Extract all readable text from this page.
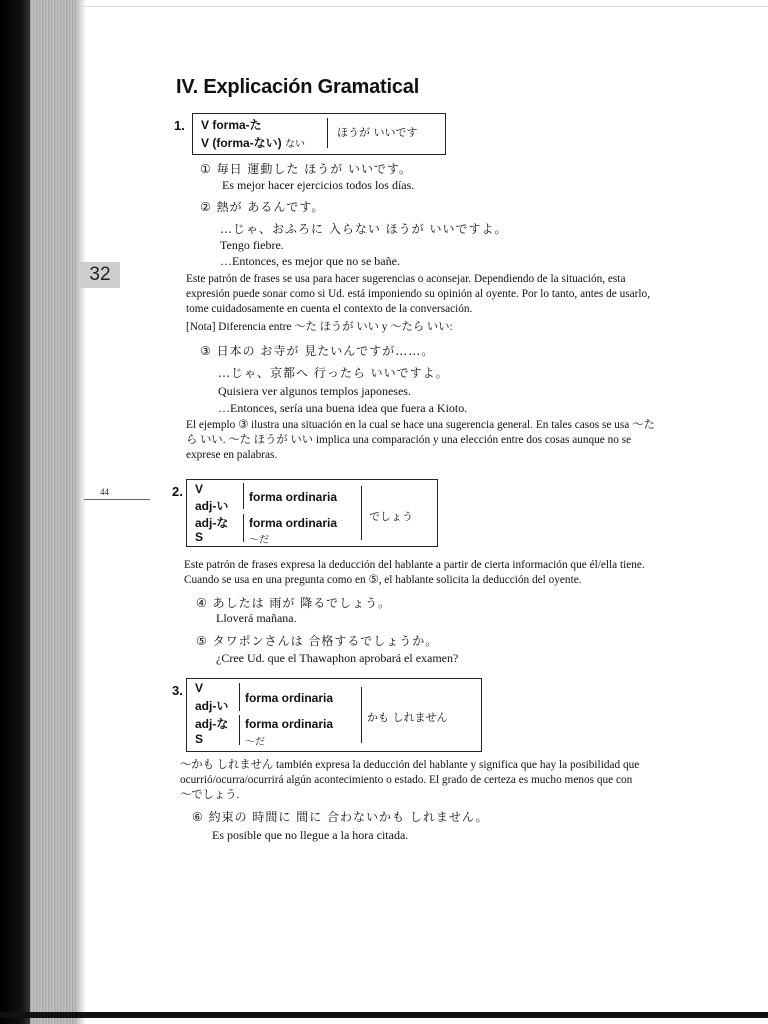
32
44
IV. Explicación Gramatical
1. V forma-た
V (forma-ない) ない
ほうが いいです
① 毎日 運動した ほうが いいです。
Es mejor hacer ejercicios todos los días.
② 熱が あるんです。
…じゃ、おふろに 入らない ほうが いいですよ。
Tengo fiebre.
…Entonces, es mejor que no se bañe.
Este patrón de frases se usa para hacer sugerencias o aconsejar. Dependiendo de la situación, esta
expresión puede sonar como si Ud. está imponiendo su opinión al oyente. Por lo tanto, antes de usarlo,
tome cuidadosamente en cuenta el contexto de la conversación.
[Nota] Diferencia entre ～た ほうが いい y ～たら いい:
③ 日本の お寺が 見たいんですが……。
…じゃ、京都へ 行ったら いいですよ。
Quisiera ver algunos templos japoneses.
…Entonces, sería una buena idea que fuera a Kioto.
El ejemplo ③ ilustra una situación en la cual se hace una sugerencia general. En tales casos se usa ～た
ら いい. ～た ほうが いい implica una comparación y una elección entre dos cosas aunque no se
exprese en palabras.
2. V
adj-い
adj-な
S
forma ordinaria
forma ordinaria
～だ
でしょう
Este patrón de frases expresa la deducción del hablante a partir de cierta información que él/ella tiene.
Cuando se usa en una pregunta como en ⑤, el hablante solicita la deducción del oyente.
④ あしたは 雨が 降るでしょう。
Lloverá mañana.
⑤ タワポンさんは 合格するでしょうか。
¿Cree Ud. que el Thawaphon aprobará el examen?
3. V
adj-い
adj-な
S
forma ordinaria
forma ordinaria
～だ
かも しれません
～かも しれません también expresa la deducción del hablante y significa que hay la posibilidad que
ocurrió/ocurra/ocurrirá algún acontecimiento o estado. El grado de certeza es mucho menos que con
～でしょう.
⑥ 約束の 時間に 間に 合わないかも しれません。
Es posible que no llegue a la hora citada.
